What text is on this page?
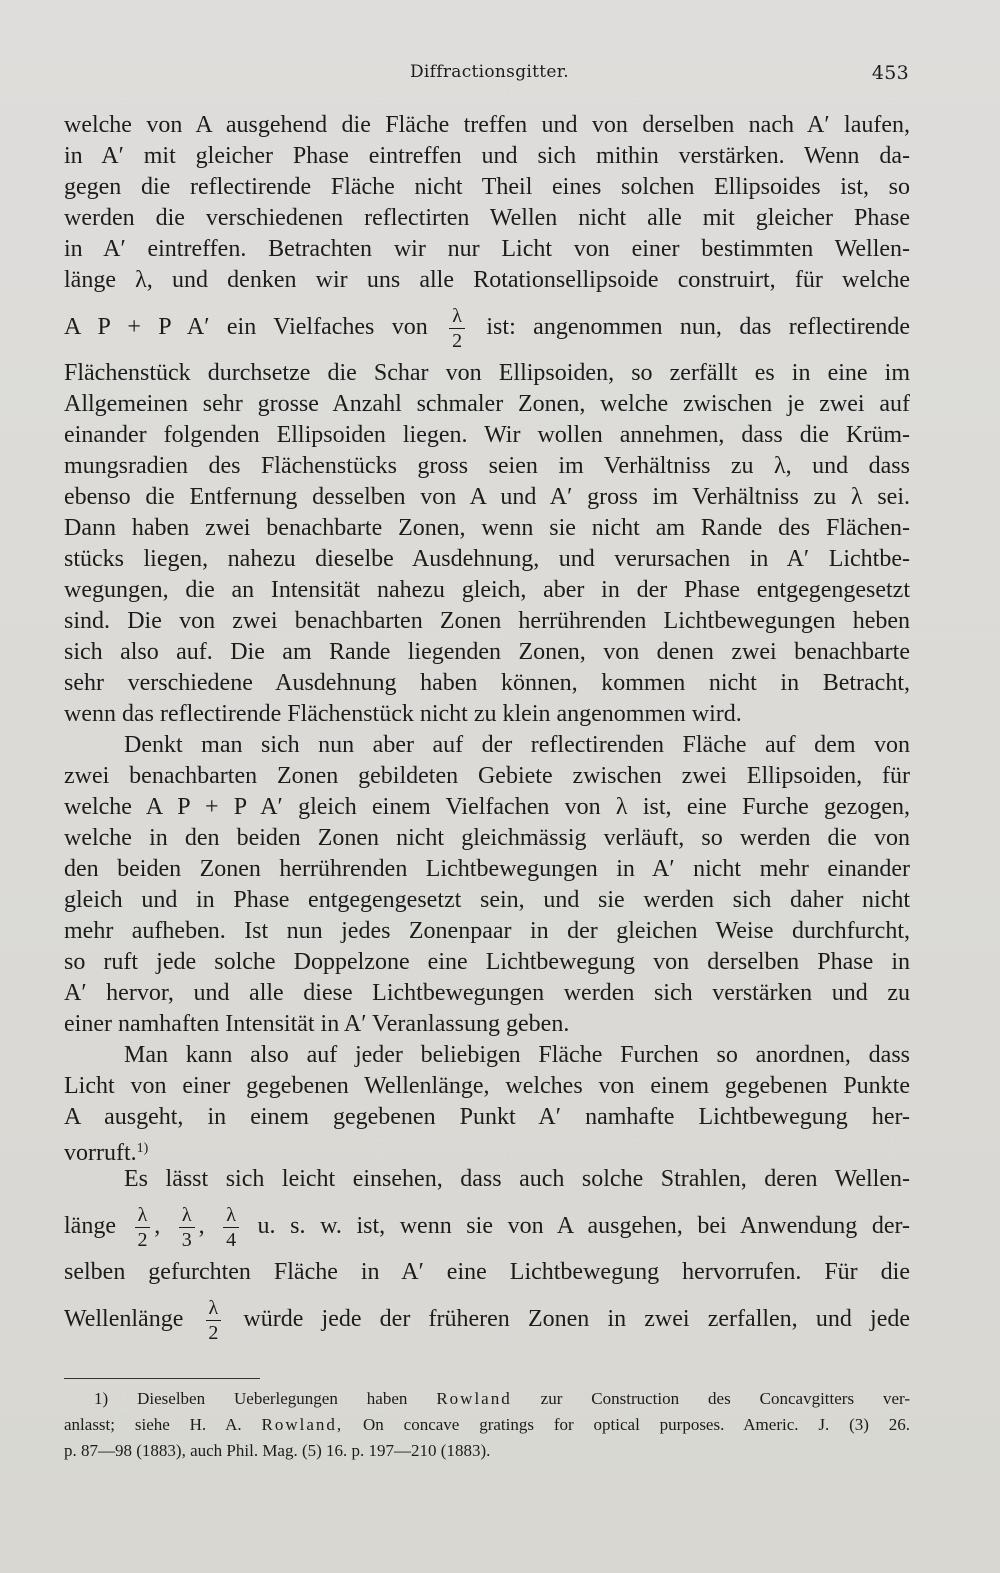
Diffractionsgitter.	453
welche von A ausgehend die Fläche treffen und von derselben nach A′ laufen,
in A′ mit gleicher Phase eintreffen und sich mithin verstärken. Wenn da-
gegen die reflectirende Fläche nicht Theil eines solchen Ellipsoides ist, so
werden die verschiedenen reflectirten Wellen nicht alle mit gleicher Phase
in A′ eintreffen. Betrachten wir nur Licht von einer bestimmten Wellen-
länge λ, und denken wir uns alle Rotationsellipsoide construirt, für welche
A P + P A′ ein Vielfaches von $\frac{\lambda}{2}$ ist: angenommen nun, das reflectirende
Flächenstück durchsetze die Schar von Ellipsoiden, so zerfällt es in eine im
Allgemeinen sehr grosse Anzahl schmaler Zonen, welche zwischen je zwei auf
einander folgenden Ellipsoiden liegen. Wir wollen annehmen, dass die Krüm-
mungsradien des Flächenstücks gross seien im Verhältniss zu λ, und dass
ebenso die Entfernung desselben von A und A′ gross im Verhältniss zu λ sei.
Dann haben zwei benachbarte Zonen, wenn sie nicht am Rande des Flächen-
stücks liegen, nahezu dieselbe Ausdehnung, und verursachen in A′ Lichtbe-
wegungen, die an Intensität nahezu gleich, aber in der Phase entgegengesetzt
sind. Die von zwei benachbarten Zonen herrührenden Lichtbewegungen heben
sich also auf. Die am Rande liegenden Zonen, von denen zwei benachbarte
sehr verschiedene Ausdehnung haben können, kommen nicht in Betracht,
wenn das reflectirende Flächenstück nicht zu klein angenommen wird.
Denkt man sich nun aber auf der reflectirenden Fläche auf dem von
zwei benachbarten Zonen gebildeten Gebiete zwischen zwei Ellipsoiden, für
welche A P + P A′ gleich einem Vielfachen von λ ist, eine Furche gezogen,
welche in den beiden Zonen nicht gleichmässig verläuft, so werden die von
den beiden Zonen herrührenden Lichtbewegungen in A′ nicht mehr einander
gleich und in Phase entgegengesetzt sein, und sie werden sich daher nicht
mehr aufheben. Ist nun jedes Zonenpaar in der gleichen Weise durchfurcht,
so ruft jede solche Doppelzone eine Lichtbewegung von derselben Phase in
A′ hervor, und alle diese Lichtbewegungen werden sich verstärken und zu
einer namhaften Intensität in A′ Veranlassung geben.
Man kann also auf jeder beliebigen Fläche Furchen so anordnen, dass
Licht von einer gegebenen Wellenlänge, welches von einem gegebenen Punkte
A ausgeht, in einem gegebenen Punkt A′ namhafte Lichtbewegung her-
vorruft.$^{1)}$
Es lässt sich leicht einsehen, dass auch solche Strahlen, deren Wellen-
länge $\frac{\lambda}{2}$ , $\frac{\lambda}{3}$ , $\frac{\lambda}{4} u$. s. w. ist, wenn sie von A ausgehen, bei Anwendung der-
selben gefurchten Fläche in A′ eine Lichtbewegung hervorrufen. Für die
Wellenlänge $\frac{\lambda}{2}$ würde jede der früheren Zonen in zwei zerfallen, und jede
1) Dieselben Ueberlegungen haben Rowland zur Construction des Concavgitters ver-
anlasst; siehe H. A. Rowland, On concave gratings for optical purposes. Americ. J. (3) 26.
p. 87—98 (1883), auch Phil. Mag. (5) 16. p. 197—210 (1883).
